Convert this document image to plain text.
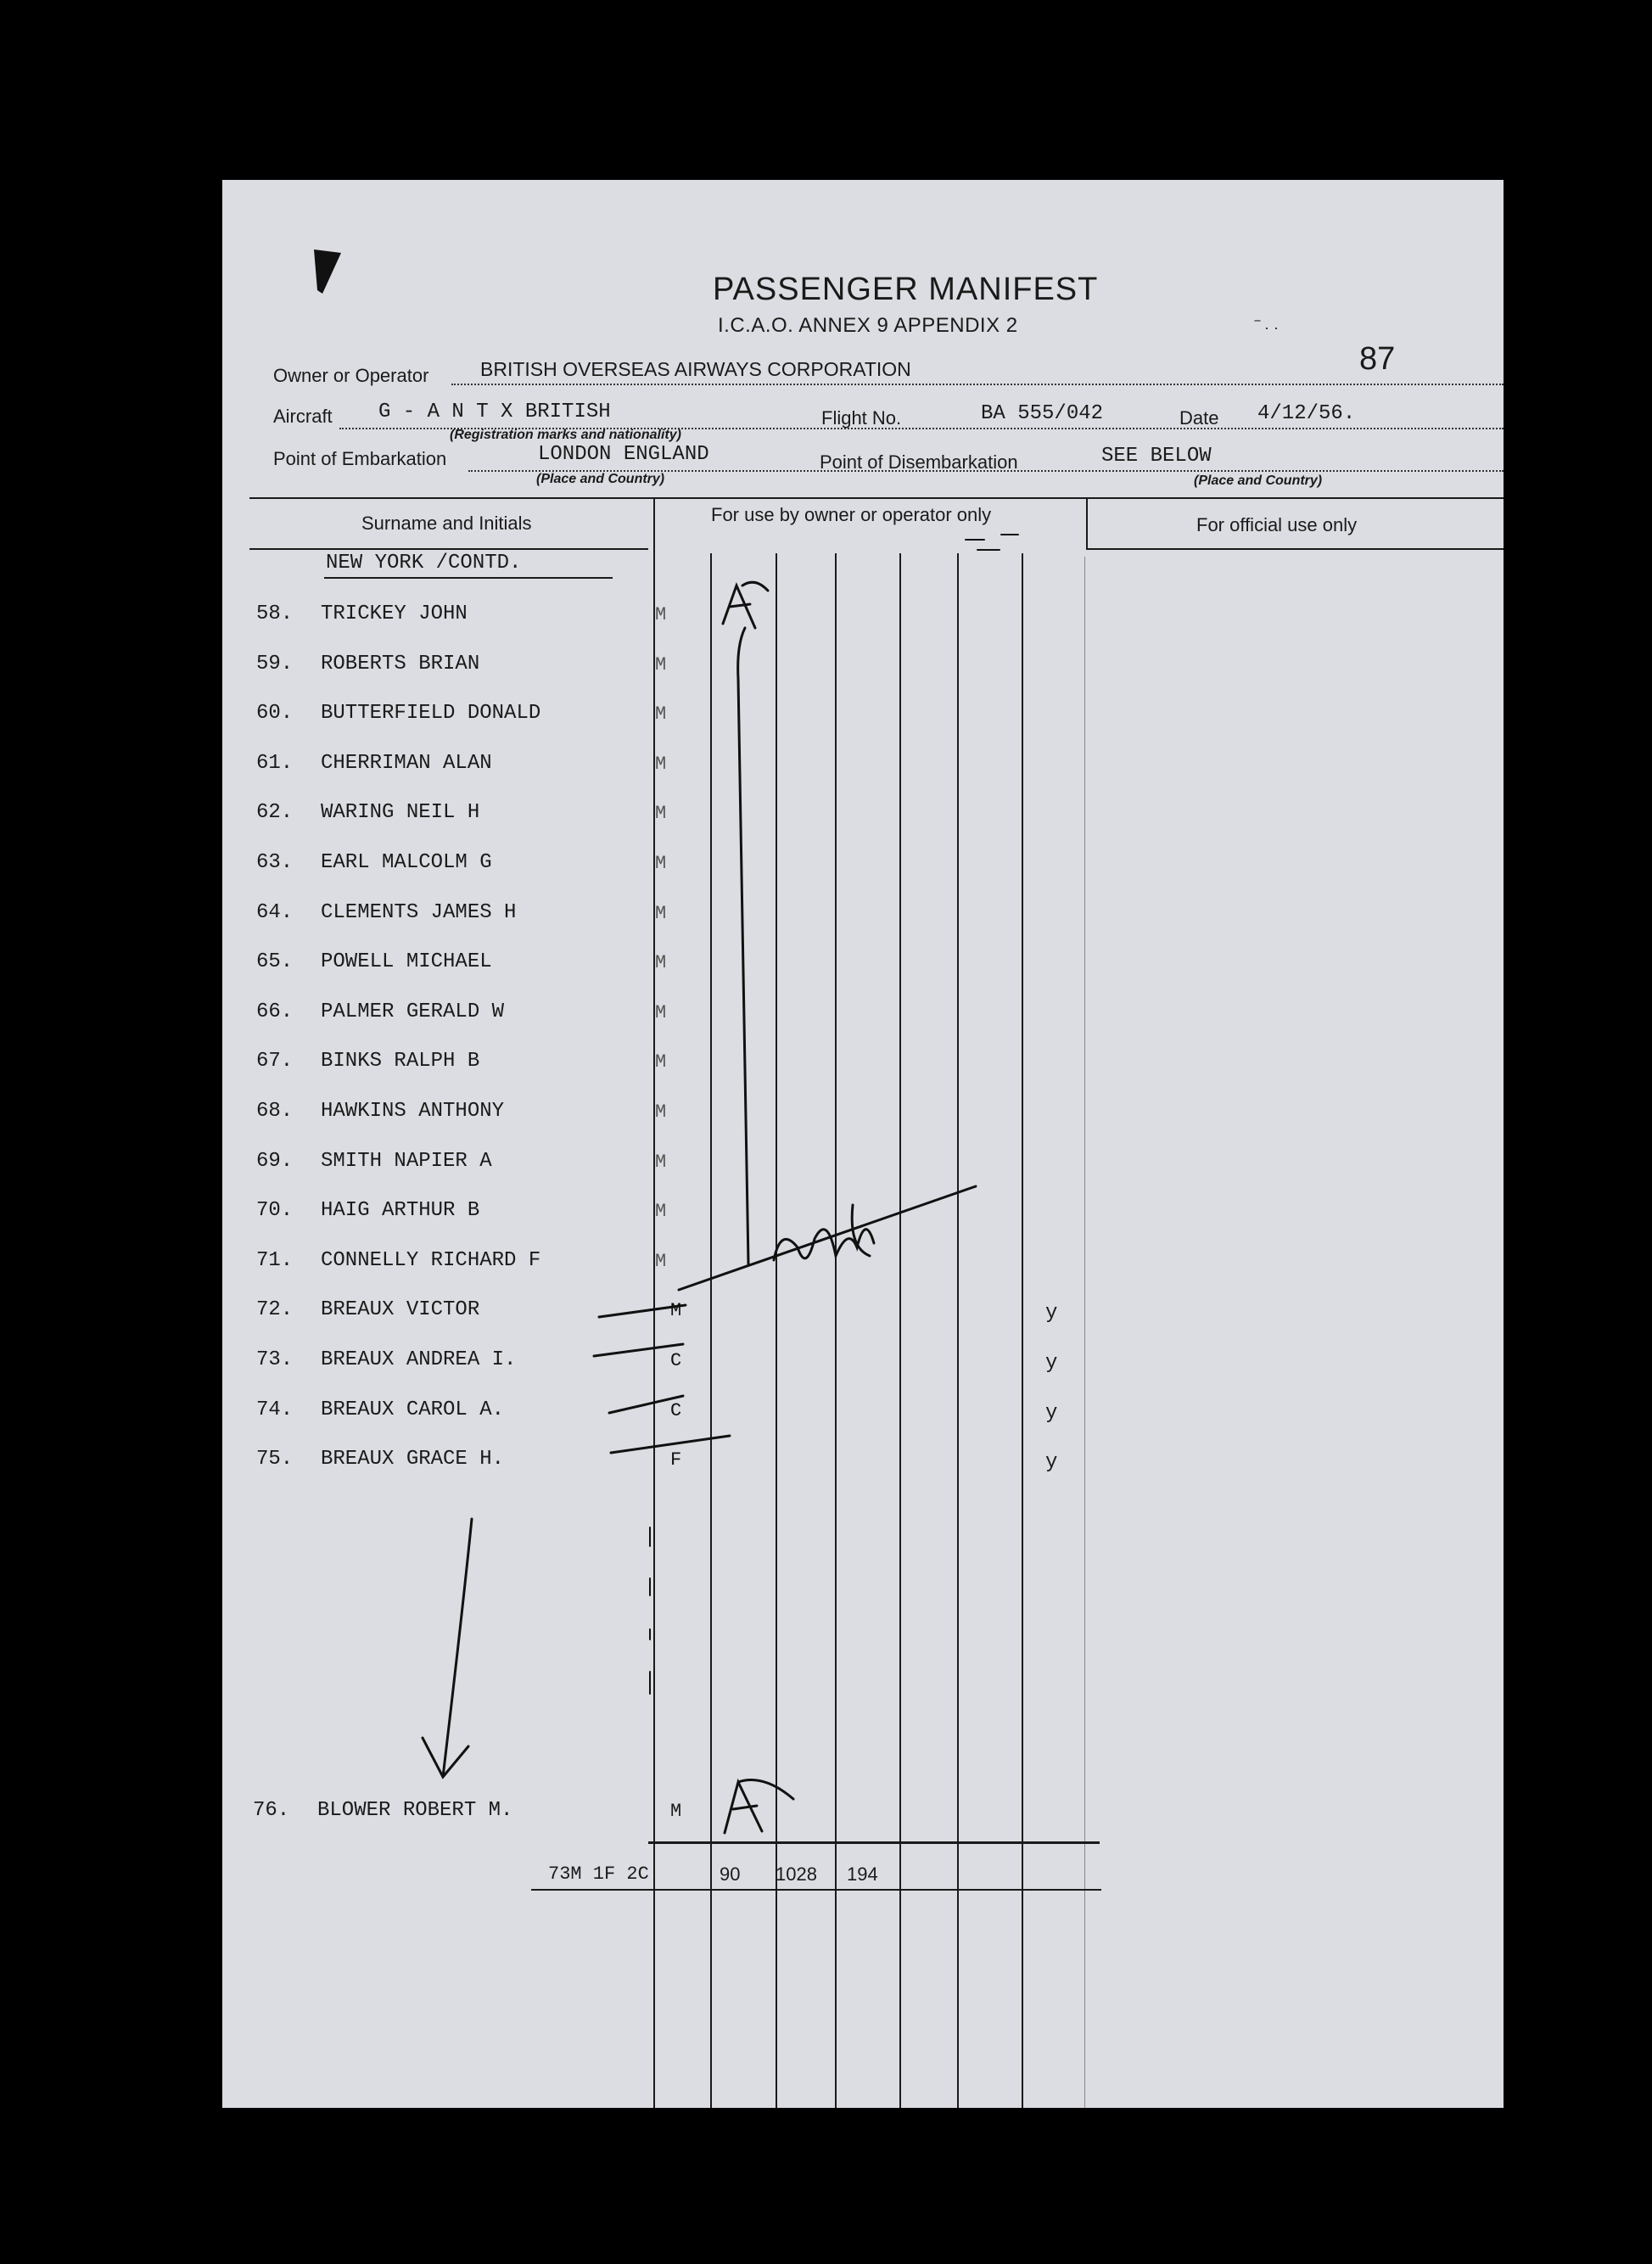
PASSENGER MANIFEST
I.C.A.O. ANNEX 9 APPENDIX 2	‾ · ·
87
Owner or Operator	BRITISH OVERSEAS AIRWAYS CORPORATION
Aircraft G - A N T X BRITISH
(Registration marks and nationality)
Flight No.	BA 555/042	Date 4/12/56.
Point of Embarkation	LONDON ENGLAND
(Place and Country)
Point of Disembarkation	SEE BELOW
(Place and Country)
Surname and Initials	For use by owner or operator only	For official use only
NEW YORK /CONTD.
58. TRICKEY JOHN	M
59. ROBERTS BRIAN	M
60. BUTTERFIELD DONALD	M
61. CHERRIMAN ALAN	M
62. WARING NEIL H	M
63. EARL MALCOLM G	M
64. CLEMENTS JAMES H	M
65. POWELL MICHAEL	M
66. PALMER GERALD W	M
67. BINKS RALPH B	M
68. HAWKINS ANTHONY	M
69. SMITH NAPIER A	M
70. HAIG ARTHUR B	M
71. CONNELLY RICHARD F	M
72. BREAUX VICTOR	M	y
73. BREAUX ANDREA I.	C	y
74. BREAUX CAROL A.	C	y
75. BREAUX GRACE H.	F	y
76. BLOWER ROBERT M.	M
73M 1F 2C	90 1028 194
